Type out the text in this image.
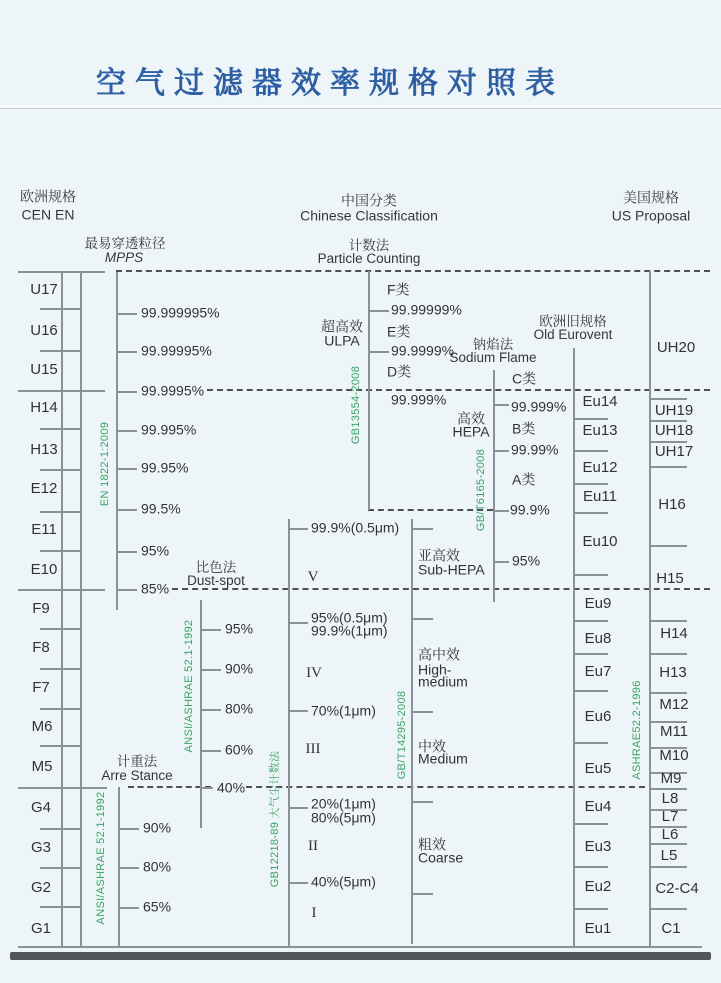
空气过滤器效率规格对照表
欧洲规格
CEN EN
中国分类
Chinese Classification
美国规格
US Proposal
最易穿透粒径
MPPS
计数法
Particle Counting
比色法
Dust-spot
计重法
Arre Stance
钠焰法
Sodium Flame
欧洲旧规格
Old Eurovent
U17
U16
U15
H14
H13
E12
E11
E10
F9
F8
F7
M6
M5
G4
G3
G2
G1
99.999995%
99.99995%
99.9995%
99.995%
99.95%
99.5%
95%
85%
EN 1822-1:2009
F类
99.99999%
E类
99.9999%
D类
99.999%
超高效
ULPA
GB13554-2008	C类
99.999%
B类
99.99%
A类
99.9%
95%
高效
HEPA
GB/T6165-2008
99.9%(0.5μm)
95%(0.5μm)
99.9%(1μm)
70%(1μm)
20%(1μm)
80%(5μm)
40%(5μm)
V
IV
III
II
I
GB12218-89 大气尘计数法
亚高效
Sub-HEPA
高中效
High-
medium
中效
Medium
粗效
Coarse
GB/T14295-2008
95%
90%
80%
60%
40%
ANSI/ASHRAE 52.1-1992
90%
80%
65%
ANSI/ASHRAE 52.1-1992
Eu14
Eu13
Eu12
Eu11
Eu10
Eu9
Eu8
Eu7
Eu6
Eu5
Eu4
Eu3
Eu2
Eu1
ASHRAE52.2-1996
UH20
UH19
UH18
UH17
H16
H15
H14
H13
M12
M11
M10
M9
L8
L7
L6
L5
C2-C4
C1
